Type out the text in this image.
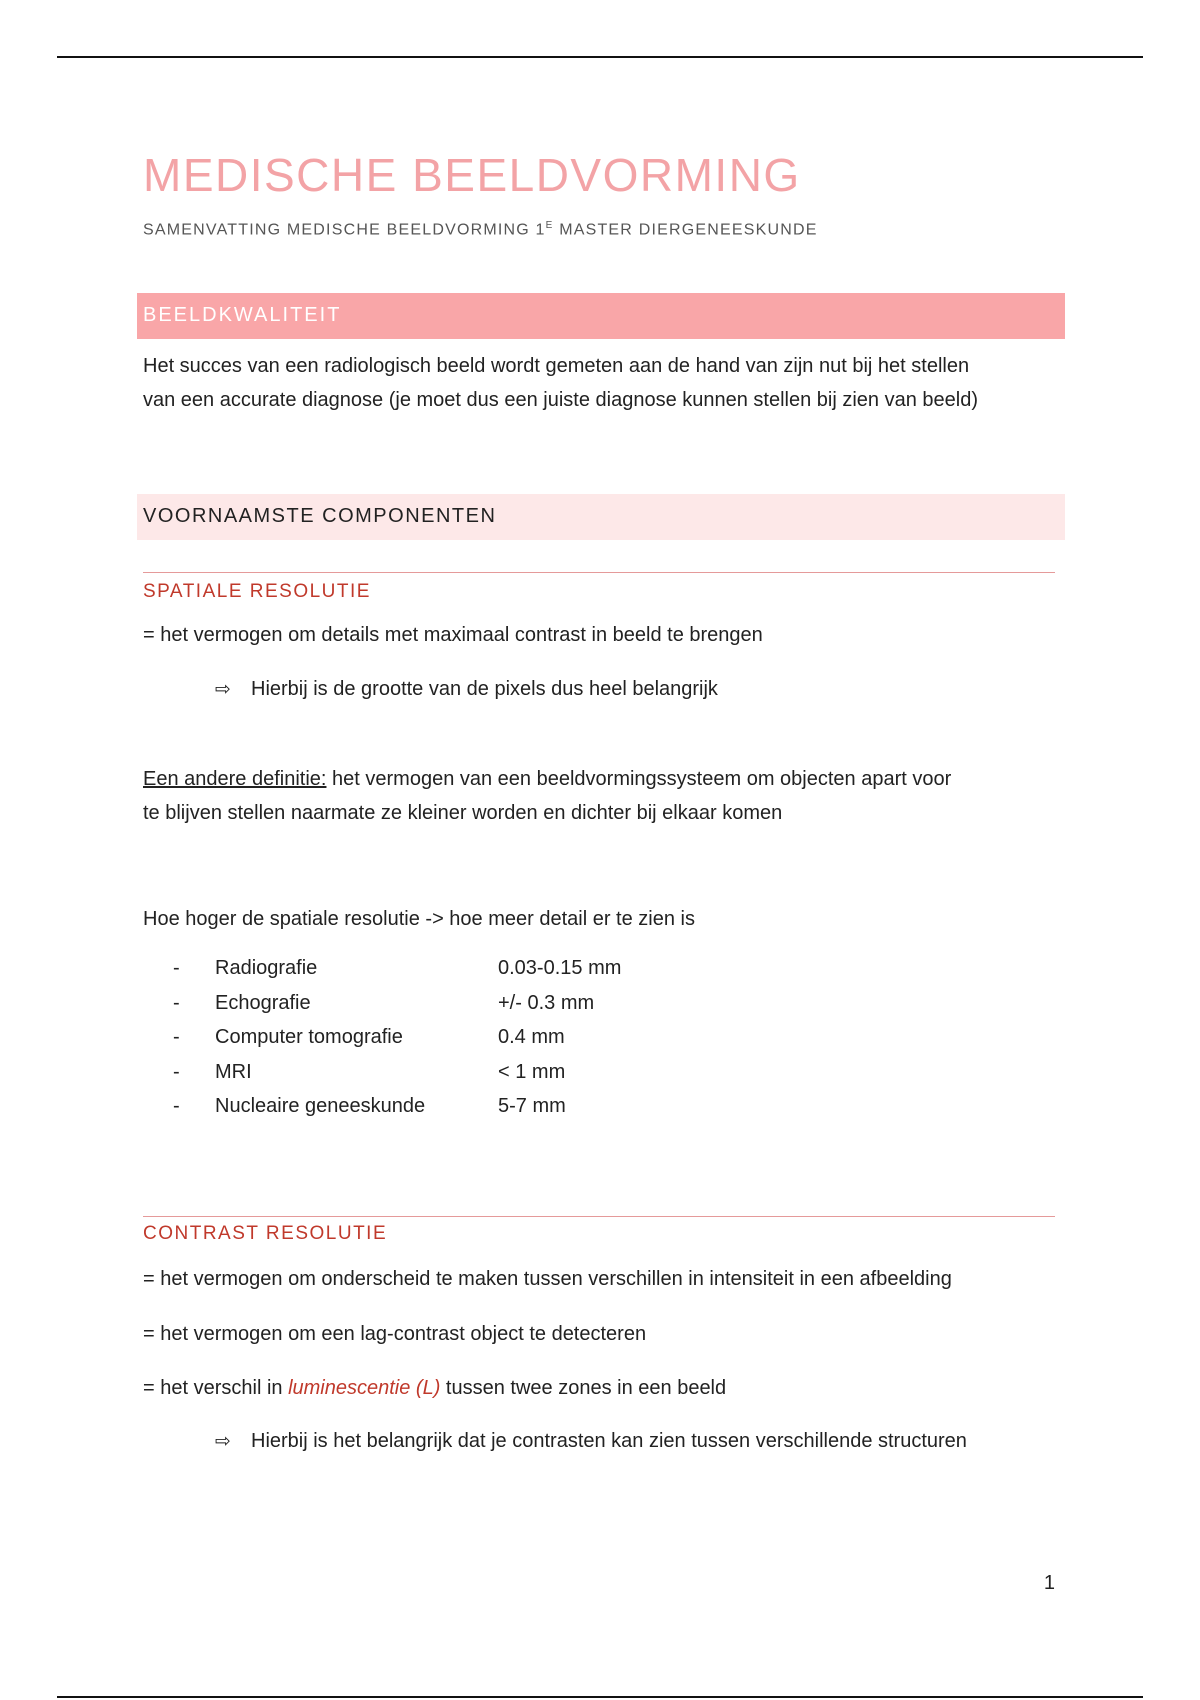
MEDISCHE BEELDVORMING
SAMENVATTING MEDISCHE BEELDVORMING $1^E$ MASTER DIERGENEESKUNDE
BEELDKWALITEIT
Het succes van een radiologisch beeld wordt gemeten aan de hand van zijn nut bij het stellen
van een accurate diagnose (je moet dus een juiste diagnose kunnen stellen bij zien van beeld)
VOORNAAMSTE COMPONENTEN
SPATIALE RESOLUTIE
= het vermogen om details met maximaal contrast in beeld te brengen
⇨ Hierbij is de grootte van de pixels dus heel belangrijk
Een andere definitie: het vermogen van een beeldvormingssysteem om objecten apart voor
te blijven stellen naarmate ze kleiner worden en dichter bij elkaar komen
Hoe hoger de spatiale resolutie -> hoe meer detail er te zien is
-	Radiografie	0.03-0.15 mm
-	Echografie	+/- 0.3 mm
-	Computer tomografie	0.4 mm
-	MRI	< 1 mm
-	Nucleaire geneeskunde	5-7 mm
CONTRAST RESOLUTIE
= het vermogen om onderscheid te maken tussen verschillen in intensiteit in een afbeelding
= het vermogen om een lag-contrast object te detecteren
= het verschil in luminescentie (L) tussen twee zones in een beeld
⇨ Hierbij is het belangrijk dat je contrasten kan zien tussen verschillende structuren
1
